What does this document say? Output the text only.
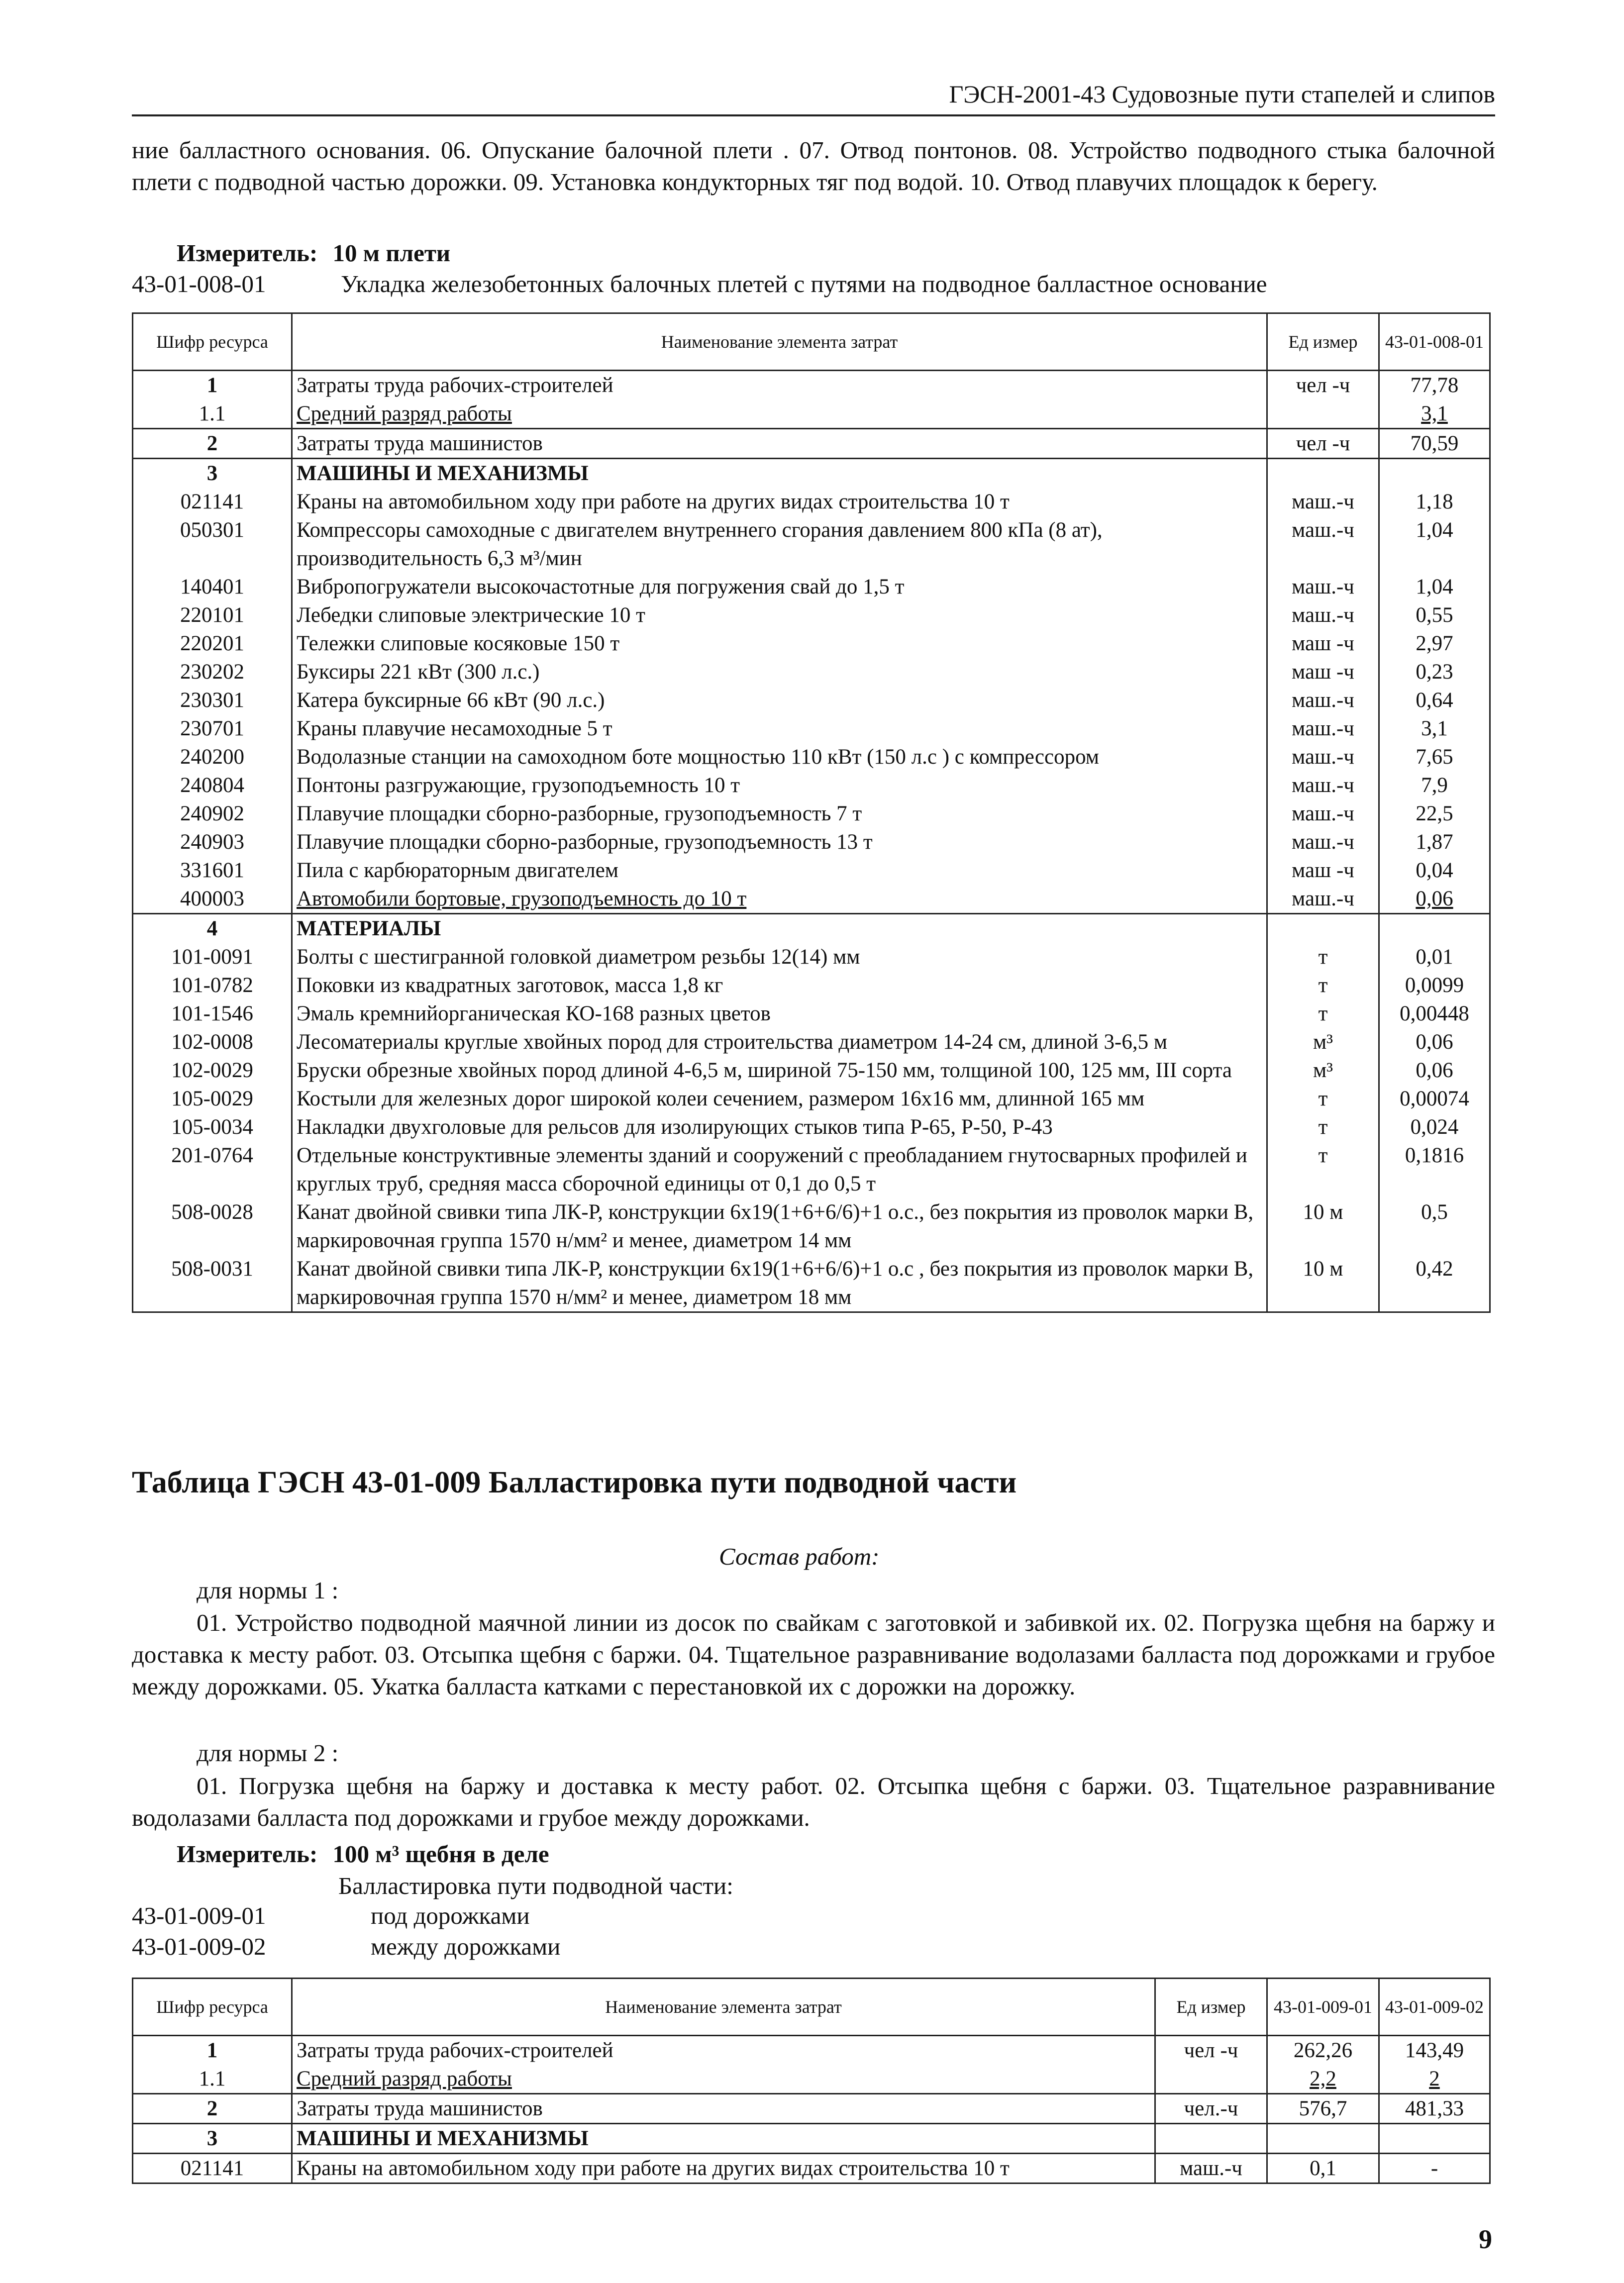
ГЭСН-2001-43 Судовозные пути стапелей и слипов
ние балластного основания. 06. Опускание балочной плети . 07. Отвод понтонов. 08. Устройство подводного стыка балочной плети с подводной частью дорожки. 09. Установка кондукторных тяг под водой. 10. Отвод плавучих площадок к берегу.
Измеритель: 10 м плети
43-01-008-01	Укладка железобетонных балочных плетей с путями на подводное балластное основание
Шифр ресурса	Наименование элемента затрат	Ед измер	43-01-008-01
1	Затраты труда рабочих-строителей	чел -ч	77,78
1.1	Средний разряд работы		3,1
2	Затраты труда машинистов	чел -ч	70,59
3	МАШИНЫ И МЕХАНИЗМЫ		
021141	Краны на автомобильном ходу при работе на других видах строительства 10 т	маш.-ч	1,18
050301	Компрессоры самоходные с двигателем внутреннего сгорания давлением 800 кПа (8 ат), производительность 6,3 м³/мин	маш.-ч	1,04
140401	Вибропогружатели высокочастотные для погружения свай до 1,5 т	маш.-ч	1,04
220101	Лебедки слиповые электрические 10 т	маш.-ч	0,55
220201	Тележки слиповые косяковые 150 т	маш -ч	2,97
230202	Буксиры 221 кВт (300 л.с.)	маш -ч	0,23
230301	Катера буксирные 66 кВт (90 л.с.)	маш.-ч	0,64
230701	Краны плавучие несамоходные 5 т	маш.-ч	3,1
240200	Водолазные станции на самоходном боте мощностью 110 кВт (150 л.с ) с компрессором	маш.-ч	7,65
240804	Понтоны разгружающие, грузоподъемность 10 т	маш.-ч	7,9
240902	Плавучие площадки сборно-разборные, грузоподъемность 7 т	маш.-ч	22,5
240903	Плавучие площадки сборно-разборные, грузоподъемность 13 т	маш.-ч	1,87
331601	Пила с карбюраторным двигателем	маш -ч	0,04
400003	Автомобили бортовые, грузоподъемность до 10 т	маш.-ч	0,06
4	МАТЕРИАЛЫ		
101-0091	Болты с шестигранной головкой диаметром резьбы 12(14) мм	т	0,01
101-0782	Поковки из квадратных заготовок, масса 1,8 кг	т	0,0099
101-1546	Эмаль кремнийорганическая КО-168 разных цветов	т	0,00448
102-0008	Лесоматериалы круглые хвойных пород для строительства диаметром 14-24 см, длиной 3-6,5 м	м³	0,06
102-0029	Бруски обрезные хвойных пород длиной 4-6,5 м, шириной 75-150 мм, толщиной 100, 125 мм, III сорта	м³	0,06
105-0029	Костыли для железных дорог широкой колеи сечением, размером 16х16 мм, длинной 165 мм	т	0,00074
105-0034	Накладки двухголовые для рельсов для изолирующих стыков типа Р-65, Р-50, Р-43	т	0,024
201-0764	Отдельные конструктивные элементы зданий и сооружений с преобладанием гнутосварных профилей и круглых труб, средняя масса сборочной единицы от 0,1 до 0,5 т	т	0,1816
508-0028	Канат двойной свивки типа ЛК-Р, конструкции 6х19(1+6+6/6)+1 о.с., без покрытия из проволок марки В, маркировочная группа 1570 н/мм² и менее, диаметром 14 мм	10 м	0,5
508-0031	Канат двойной свивки типа ЛК-Р, конструкции 6х19(1+6+6/6)+1 о.с , без покрытия из проволок марки В, маркировочная группа 1570 н/мм² и менее, диаметром 18 мм	10 м	0,42
Таблица ГЭСН 43-01-009 Балластировка пути подводной части
Состав работ:
для нормы 1 :
01. Устройство подводной маячной линии из досок по свайкам с заготовкой и забивкой их. 02. Погрузка щебня на баржу и доставка к месту работ. 03. Отсыпка щебня с баржи. 04. Тщательное разравнивание водолазами балласта под дорожками и грубое между дорожками. 05. Укатка балласта катками с перестановкой их с дорожки на дорожку.
для нормы 2 :
01. Погрузка щебня на баржу и доставка к месту работ. 02. Отсыпка щебня с баржи. 03. Тщательное разравнивание водолазами балласта под дорожками и грубое между дорожками.
Измеритель: 100 м³ щебня в деле
Балластировка пути подводной части:
43-01-009-01	под дорожками
43-01-009-02	между дорожками
Шифр ресурса	Наименование элемента затрат	Ед измер	43-01-009-01	43-01-009-02
1	Затраты труда рабочих-строителей	чел -ч	262,26	143,49
1.1	Средний разряд работы		2,2	2
2	Затраты труда машинистов	чел.-ч	576,7	481,33
3	МАШИНЫ И МЕХАНИЗМЫ			
021141	Краны на автомобильном ходу при работе на других видах строительства 10 т	маш.-ч	0,1	-
9
